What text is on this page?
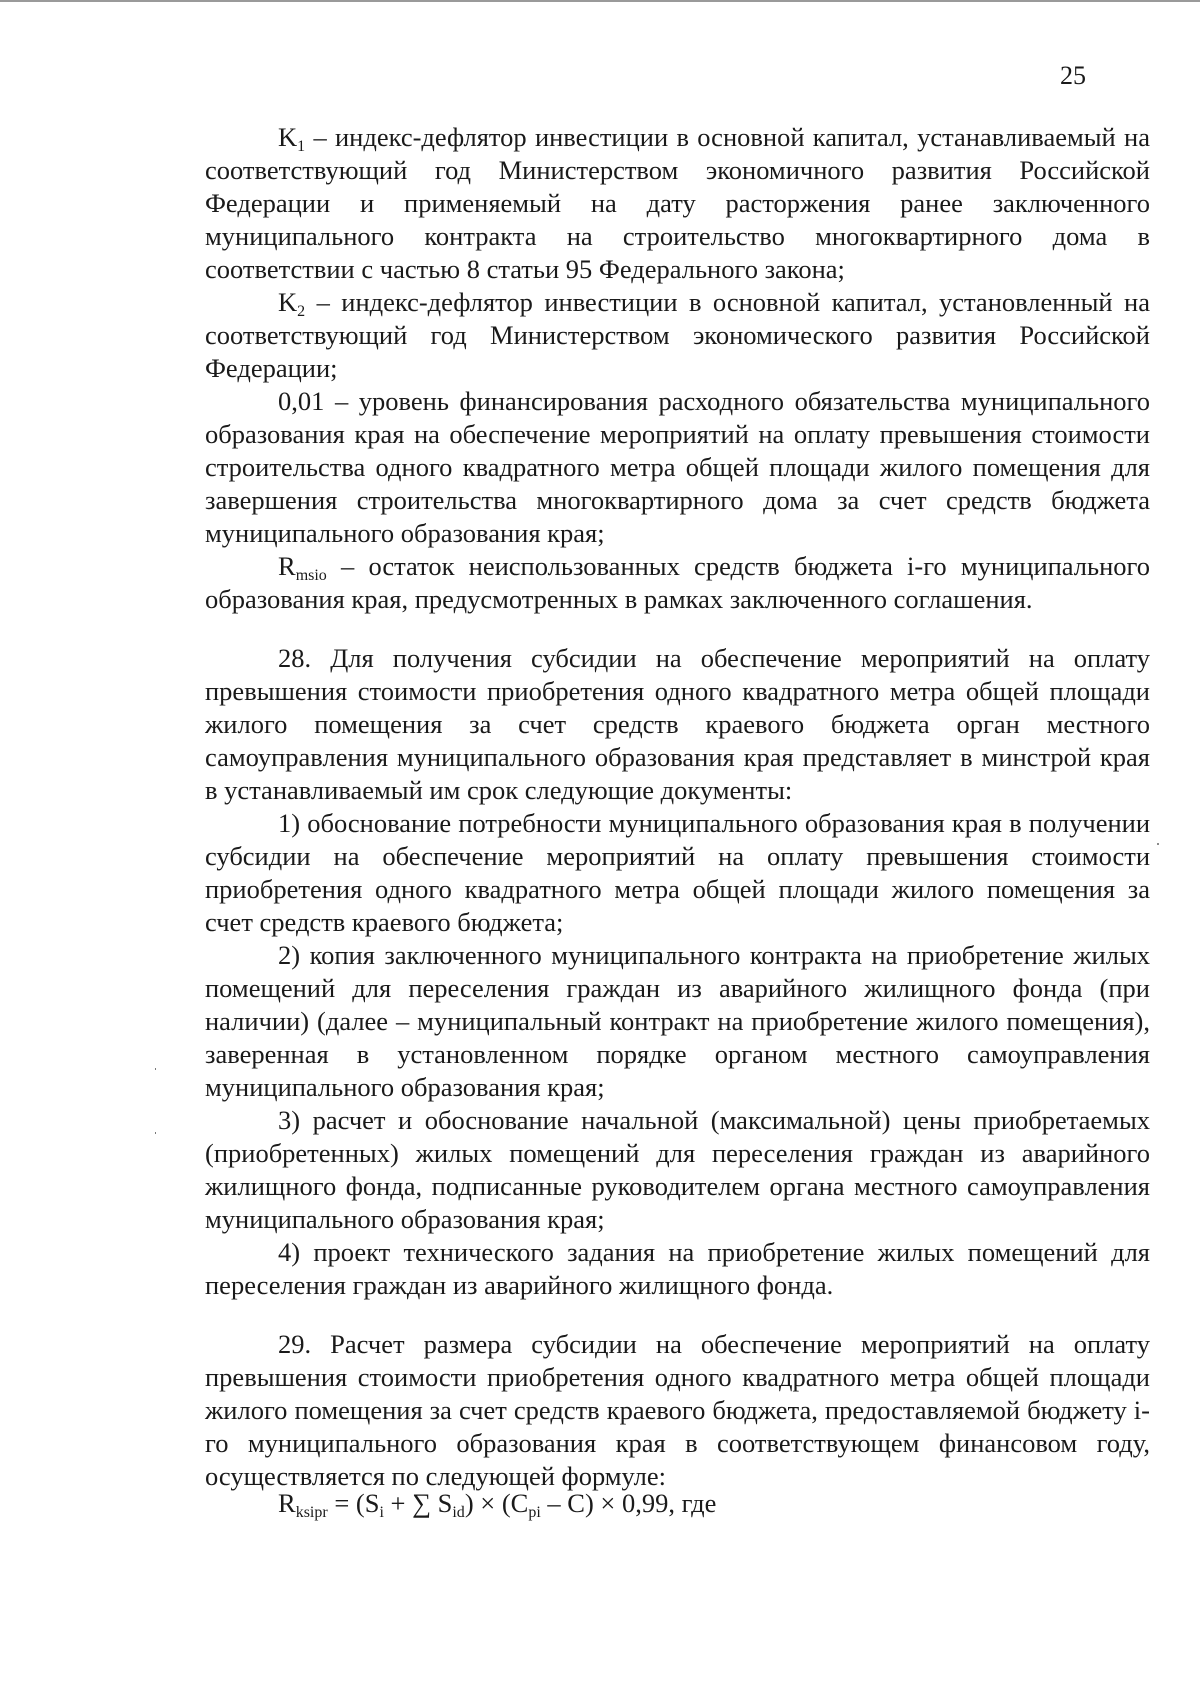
25

$K_1$ – индекс-дефлятор инвестиции в основной капитал, устанавливаемый на соответствующий год Министерством экономичного развития Российской Федерации и применяемый на дату расторжения ранее заключенного муниципального контракта на строительство многоквартирного дома в соответствии с частью 8 статьи 95 Федерального закона;

$K_2$ – индекс-дефлятор инвестиции в основной капитал, установленный на соответствующий год Министерством экономического развития Российской Федерации;

0,01 – уровень финансирования расходного обязательства муниципального образования края на обеспечение мероприятий на оплату превышения стоимости строительства одного квадратного метра общей площади жилого помещения для завершения строительства многоквартирного дома за счет средств бюджета муниципального образования края;

$R_{msio}$ – остаток неиспользованных средств бюджета i-го муниципального образования края, предусмотренных в рамках заключенного соглашения.

28. Для получения субсидии на обеспечение мероприятий на оплату превышения стоимости приобретения одного квадратного метра общей площади жилого помещения за счет средств краевого бюджета орган местного самоуправления муниципального образования края представляет в минстрой края в устанавливаемый им срок следующие документы:

1) обоснование потребности муниципального образования края в получении субсидии на обеспечение мероприятий на оплату превышения стоимости приобретения одного квадратного метра общей площади жилого помещения за счет средств краевого бюджета;

2) копия заключенного муниципального контракта на приобретение жилых помещений для переселения граждан из аварийного жилищного фонда (при наличии) (далее – муниципальный контракт на приобретение жилого помещения), заверенная в установленном порядке органом местного самоуправления муниципального образования края;

3) расчет и обоснование начальной (максимальной) цены приобретаемых (приобретенных) жилых помещений для переселения граждан из аварийного жилищного фонда, подписанные руководителем органа местного самоуправления муниципального образования края;

4) проект технического задания на приобретение жилых помещений для переселения граждан из аварийного жилищного фонда.

29. Расчет размера субсидии на обеспечение мероприятий на оплату превышения стоимости приобретения одного квадратного метра общей площади жилого помещения за счет средств краевого бюджета, предоставляемой бюджету i-го муниципального образования края в соответствующем финансовом году, осуществляется по следующей формуле:

$R_{ksipr} = (S_i$ + ∑ $S_{id}) \times (C_{pi} - C) \times 0,99$, где
